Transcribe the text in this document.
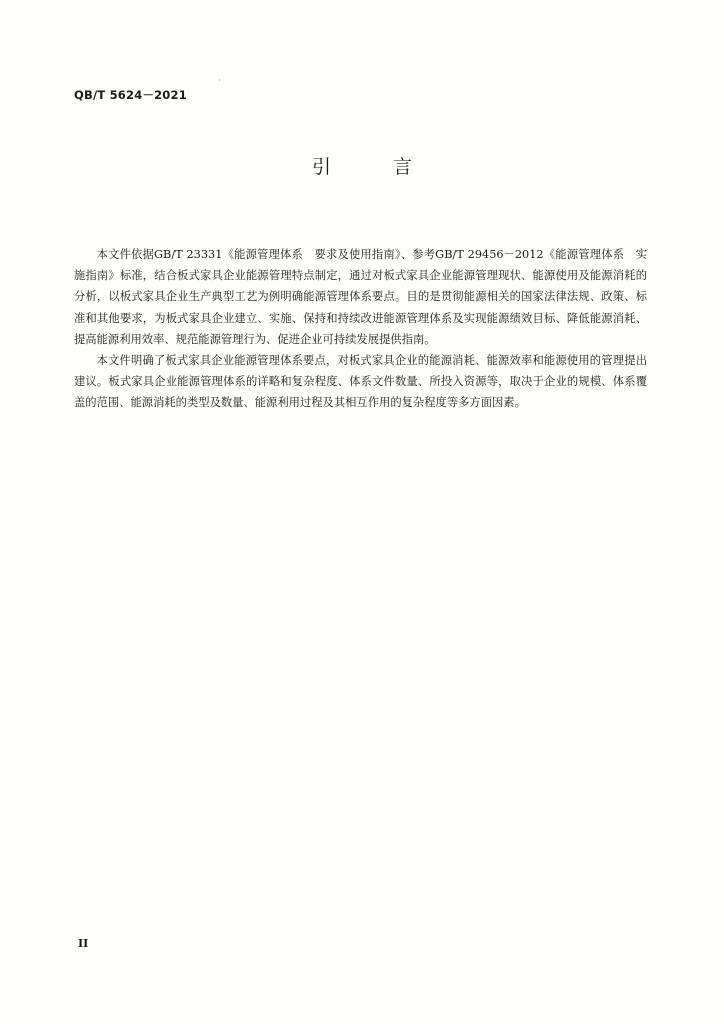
QB/T 5624－2021
引 言

本文件依据GB/T 23331《能源管理体系　要求及使用指南》、参考GB/T 29456－2012《能源管理体系　实施指南》标准，结合板式家具企业能源管理特点制定，通过对板式家具企业能源管理现状、能源使用及能源消耗的分析，以板式家具企业生产典型工艺为例明确能源管理体系要点。目的是贯彻能源相关的国家法律法规、政策、标准和其他要求，为板式家具企业建立、实施、保持和持续改进能源管理体系及实现能源绩效目标、降低能源消耗、提高能源利用效率、规范能源管理行为、促进企业可持续发展提供指南。

本文件明确了板式家具企业能源管理体系要点，对板式家具企业的能源消耗、能源效率和能源使用的管理提出建议。板式家具企业能源管理体系的详略和复杂程度、体系文件数量、所投入资源等，取决于企业的规模、体系覆盖的范围、能源消耗的类型及数量、能源利用过程及其相互作用的复杂程度等多方面因素。

II
